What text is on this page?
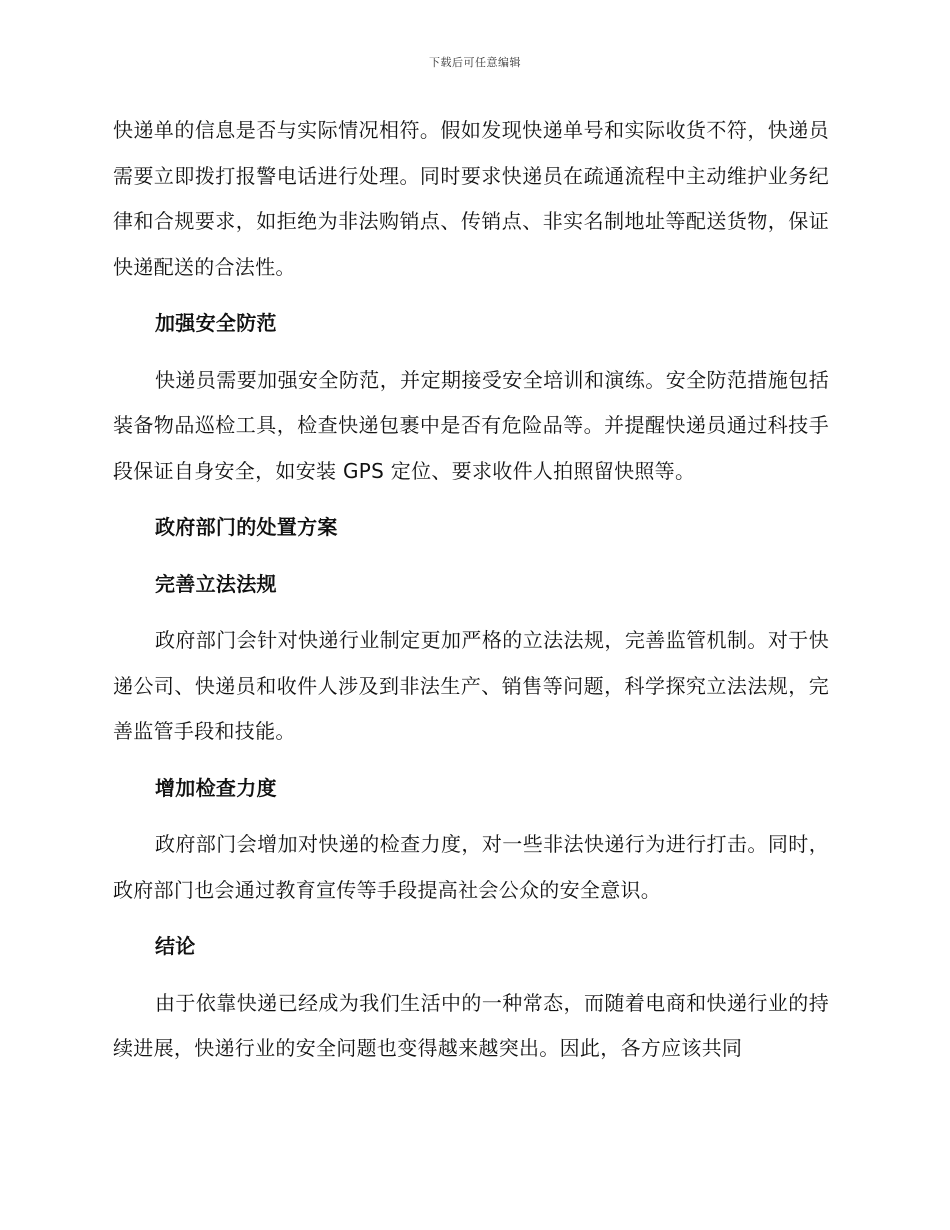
下载后可任意编辑

快递单的信息是否与实际情况相符。假如发现快递单号和实际收货不符，快递员需要立即拨打报警电话进行处理。同时要求快递员在疏通流程中主动维护业务纪律和合规要求，如拒绝为非法购销点、传销点、非实名制地址等配送货物，保证快递配送的合法性。

加强安全防范

快递员需要加强安全防范，并定期接受安全培训和演练。安全防范措施包括装备物品巡检工具，检查快递包裹中是否有危险品等。并提醒快递员通过科技手段保证自身安全，如安装 GPS 定位、要求收件人拍照留快照等。

政府部门的处置方案

完善立法法规

政府部门会针对快递行业制定更加严格的立法法规，完善监管机制。对于快递公司、快递员和收件人涉及到非法生产、销售等问题，科学探究立法法规，完善监管手段和技能。

增加检查力度

政府部门会增加对快递的检查力度，对一些非法快递行为进行打击。同时，政府部门也会通过教育宣传等手段提高社会公众的安全意识。

结论

由于依靠快递已经成为我们生活中的一种常态，而随着电商和快递行业的持续进展，快递行业的安全问题也变得越来越突出。因此，各方应该共同
